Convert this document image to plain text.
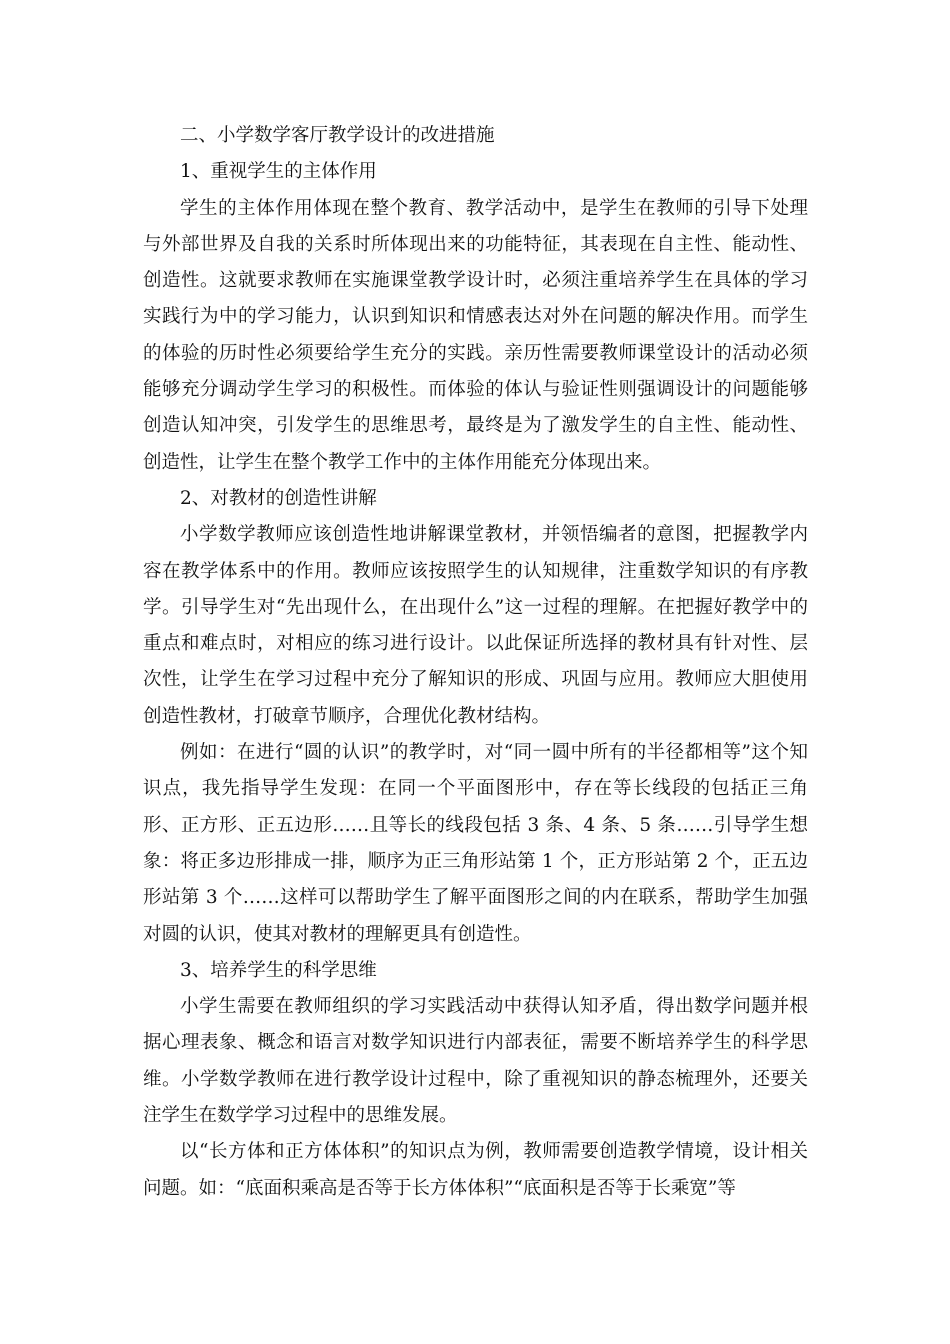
二、小学数学客厅教学设计的改进措施

1、重视学生的主体作用

学生的主体作用体现在整个教育、教学活动中，是学生在教师的引导下处理与外部世界及自我的关系时所体现出来的功能特征，其表现在自主性、能动性、创造性。这就要求教师在实施课堂教学设计时，必须注重培养学生在具体的学习实践行为中的学习能力，认识到知识和情感表达对外在问题的解决作用。而学生的体验的历时性必须要给学生充分的实践。亲历性需要教师课堂设计的活动必须能够充分调动学生学习的积极性。而体验的体认与验证性则强调设计的问题能够创造认知冲突，引发学生的思维思考，最终是为了激发学生的自主性、能动性、创造性，让学生在整个教学工作中的主体作用能充分体现出来。

2、对教材的创造性讲解

小学数学教师应该创造性地讲解课堂教材，并领悟编者的意图，把握教学内容在教学体系中的作用。教师应该按照学生的认知规律，注重数学知识的有序教学。引导学生对“先出现什么，在出现什么”这一过程的理解。在把握好教学中的重点和难点时，对相应的练习进行设计。以此保证所选择的教材具有针对性、层次性，让学生在学习过程中充分了解知识的形成、巩固与应用。教师应大胆使用创造性教材，打破章节顺序，合理优化教材结构。

例如：在进行“圆的认识”的教学时，对“同一圆中所有的半径都相等”这个知识点，我先指导学生发现：在同一个平面图形中，存在等长线段的包括正三角形、正方形、正五边形……且等长的线段包括 3 条、4 条、5 条……引导学生想象：将正多边形排成一排，顺序为正三角形站第 1 个，正方形站第 2 个，正五边形站第 3 个……这样可以帮助学生了解平面图形之间的内在联系，帮助学生加强对圆的认识，使其对教材的理解更具有创造性。

3、培养学生的科学思维

小学生需要在教师组织的学习实践活动中获得认知矛盾，得出数学问题并根据心理表象、概念和语言对数学知识进行内部表征，需要不断培养学生的科学思维。小学数学教师在进行教学设计过程中，除了重视知识的静态梳理外，还要关注学生在数学学习过程中的思维发展。

以“长方体和正方体体积”的知识点为例，教师需要创造教学情境，设计相关问题。如：“底面积乘高是否等于长方体体积”“底面积是否等于长乘宽”等
